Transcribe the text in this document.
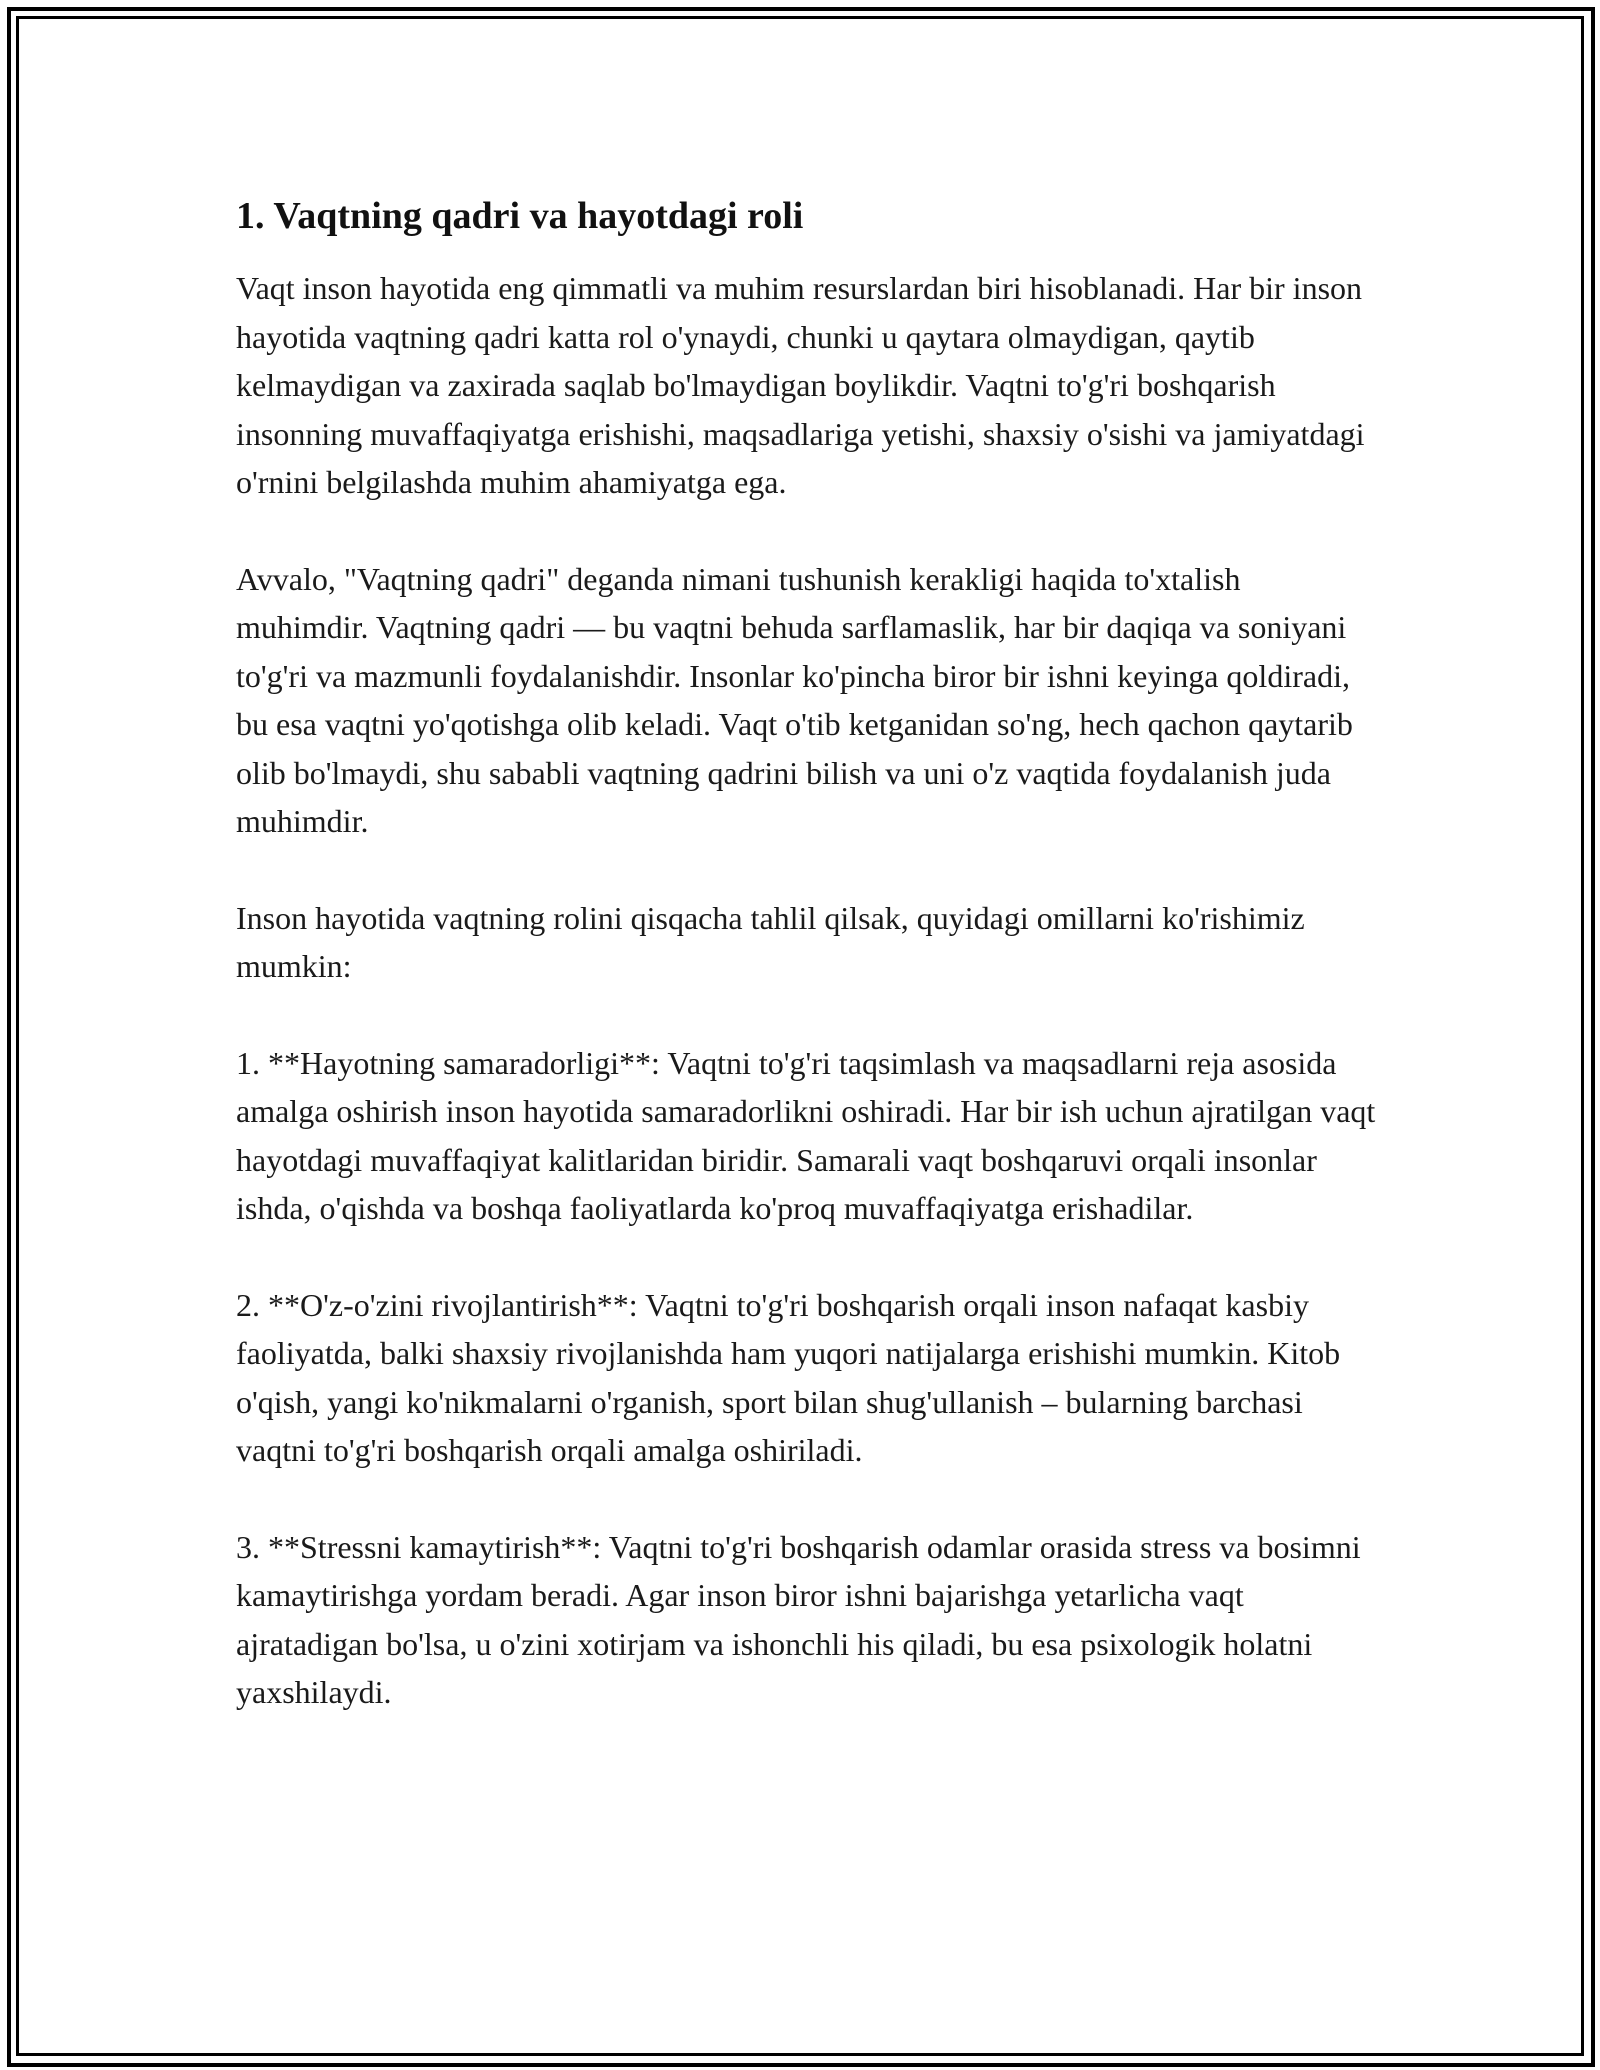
1. Vaqtning qadri va hayotdagi roli

Vaqt inson hayotida eng qimmatli va muhim resurslardan biri hisoblanadi. Har bir inson hayotida vaqtning qadri katta rol o'ynaydi, chunki u qaytara olmaydigan, qaytib kelmaydigan va zaxirada saqlab bo'lmaydigan boylikdir. Vaqtni to'g'ri boshqarish insonning muvaffaqiyatga erishishi, maqsadlariga yetishi, shaxsiy o'sishi va jamiyatdagi o'rnini belgilashda muhim ahamiyatga ega.

Avvalo, "Vaqtning qadri" deganda nimani tushunish kerakligi haqida to'xtalish muhimdir. Vaqtning qadri — bu vaqtni behuda sarflamaslik, har bir daqiqa va soniyani to'g'ri va mazmunli foydalanishdir. Insonlar ko'pincha biror bir ishni keyinga qoldiradi, bu esa vaqtni yo'qotishga olib keladi. Vaqt o'tib ketganidan so'ng, hech qachon qaytarib olib bo'lmaydi, shu sababli vaqtning qadrini bilish va uni o'z vaqtida foydalanish juda muhimdir.

Inson hayotida vaqtning rolini qisqacha tahlil qilsak, quyidagi omillarni ko'rishimiz mumkin:

1. **Hayotning samaradorligi**: Vaqtni to'g'ri taqsimlash va maqsadlarni reja asosida amalga oshirish inson hayotida samaradorlikni oshiradi. Har bir ish uchun ajratilgan vaqt hayotdagi muvaffaqiyat kalitlaridan biridir. Samarali vaqt boshqaruvi orqali insonlar ishda, o'qishda va boshqa faoliyatlarda ko'proq muvaffaqiyatga erishadilar.

2. **O'z-o'zini rivojlantirish**: Vaqtni to'g'ri boshqarish orqali inson nafaqat kasbiy faoliyatda, balki shaxsiy rivojlanishda ham yuqori natijalarga erishishi mumkin. Kitob o'qish, yangi ko'nikmalarni o'rganish, sport bilan shug'ullanish – bularning barchasi vaqtni to'g'ri boshqarish orqali amalga oshiriladi.

3. **Stressni kamaytirish**: Vaqtni to'g'ri boshqarish odamlar orasida stress va bosimni kamaytirishga yordam beradi. Agar inson biror ishni bajarishga yetarlicha vaqt ajratadigan bo'lsa, u o'zini xotirjam va ishonchli his qiladi, bu esa psixologik holatni yaxshilaydi.
